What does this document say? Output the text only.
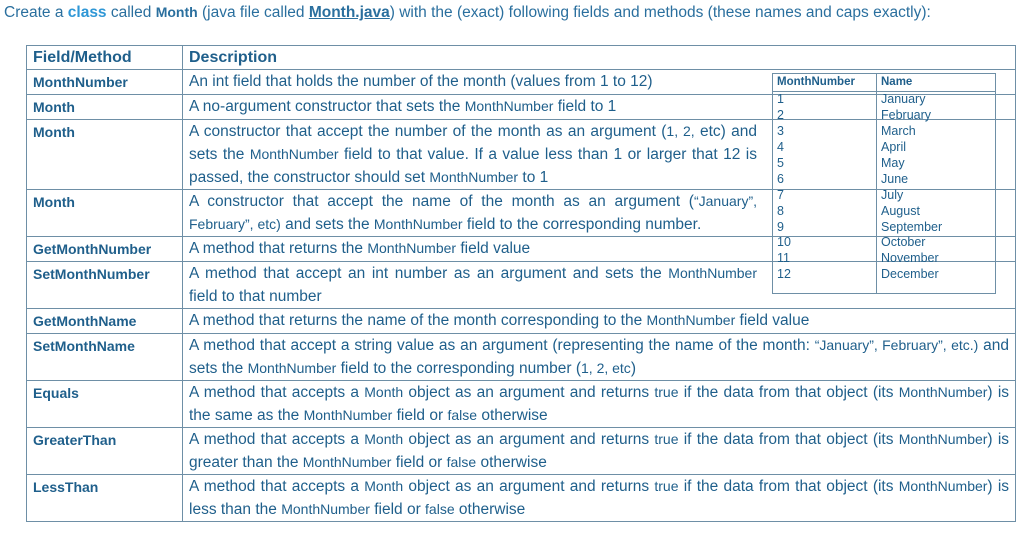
Create a class called Month (java file called Month.java) with the (exact) following fields and methods (these names and caps exactly):
Field/Method	Description
MonthNumber	An int field that holds the number of the month (values from 1 to 12)

Month	A no-argument constructor that sets the MonthNumber field to 1

Month	A constructor that accept the number of the month as an argument (1, 2, etc) and sets the MonthNumber field to that value. If a value less than 1 or larger that 12 is passed, the constructor should set MonthNumber to 1

Month	A constructor that accept the name of the month as an argument (“January”, February”, etc) and sets the MonthNumber field to the corresponding number.

GetMonthNumber	A method that returns the MonthNumber field value

SetMonthNumber	A method that accept an int number as an argument and sets the MonthNumber field to that number

GetMonthName	A method that returns the name of the month corresponding to the MonthNumber field value
SetMonthName	A method that accept a string value as an argument (representing the name of the month: “January”, February”, etc.) and sets the MonthNumber field to the corresponding number (1, 2, etc)
Equals	A method that accepts a Month object as an argument and returns true if the data from that object (its MonthNumber) is the same as the MonthNumber field or false otherwise
GreaterThan	A method that accepts a Month object as an argument and returns true if the data from that object (its MonthNumber) is greater than the MonthNumber field or false otherwise
LessThan	A method that accepts a Month object as an argument and returns true if the data from that object (its MonthNumber) is less than the MonthNumber field or false otherwise
MonthNumber	Name
1	January
2	February
3	March
4	April
5	May
6	June
7	July
8	August
9	September
10	October
11	November
12	December
